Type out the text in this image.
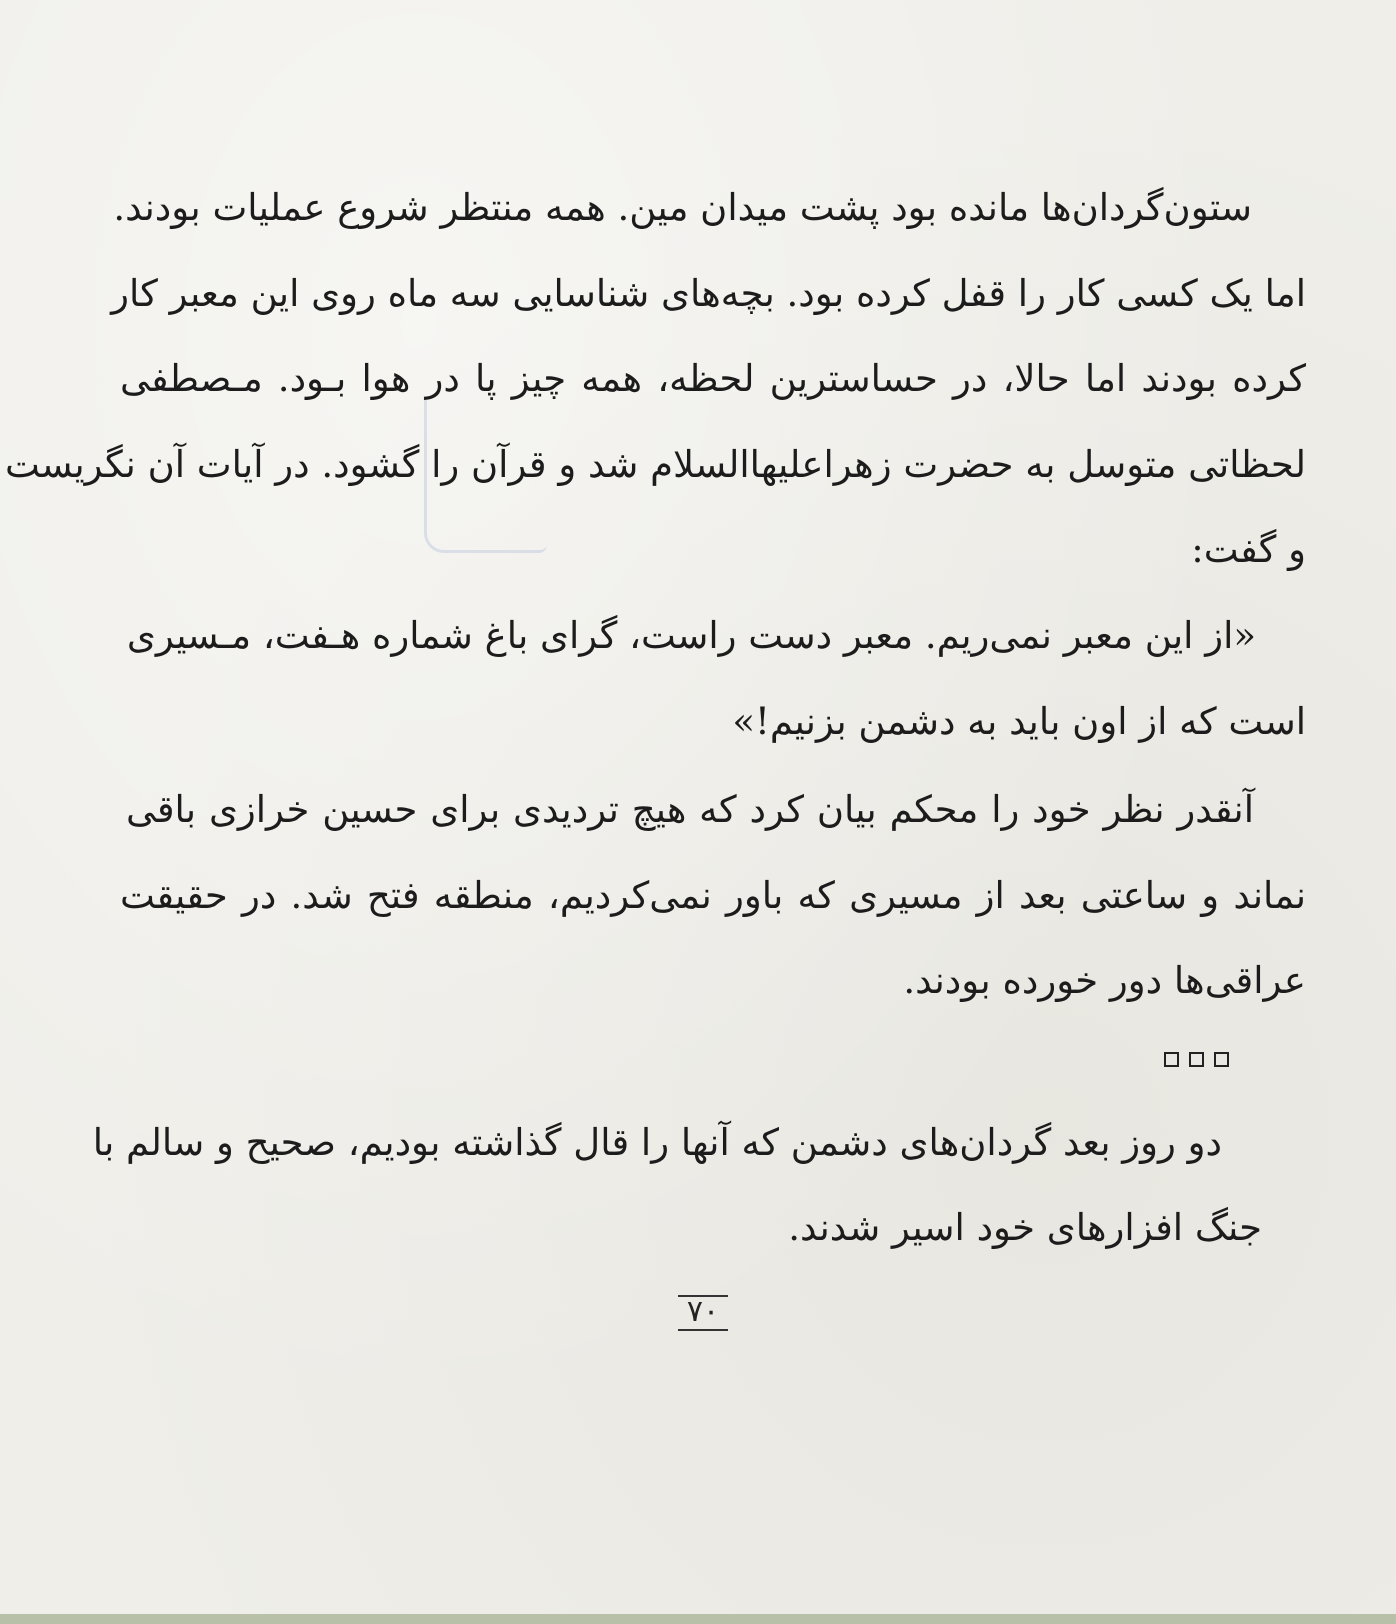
ستون‌گردان‌ها مانده بود پشت میدان مین. همه منتظر شروع عملیات بودند.
اما یک کسی کار را قفل کرده بود. بچه‌های شناسایی سه ماه روی این معبر کار
کرده بودند اما حالا، در حساسترین لحظه، همه چیز پا در هوا بـود. مـصطفی
لحظاتی متوسل به حضرت زهرا‌علیهاالسلام شد و قرآن را گشود. در آیات آن نگریست
و گفت:
«از این معبر نمی‌ریم. معبر دست راست، گرای باغ شماره هـفت، مـسیری
است که از اون باید به دشمن بزنیم!»
آنقدر نظر خود را محکم بیان کرد که هیچ تردیدی برای حسین خرازی باقی
نماند و ساعتی بعد از مسیری که باور نمی‌کردیم، منطقه فتح شد. در حقیقت
عراقی‌ها دور خورده بودند.
دو روز بعد گردان‌های دشمن که آنها را قال گذاشته بودیم، صحیح و سالم با
جنگ افزارهای خود اسیر شدند.
۷۰
